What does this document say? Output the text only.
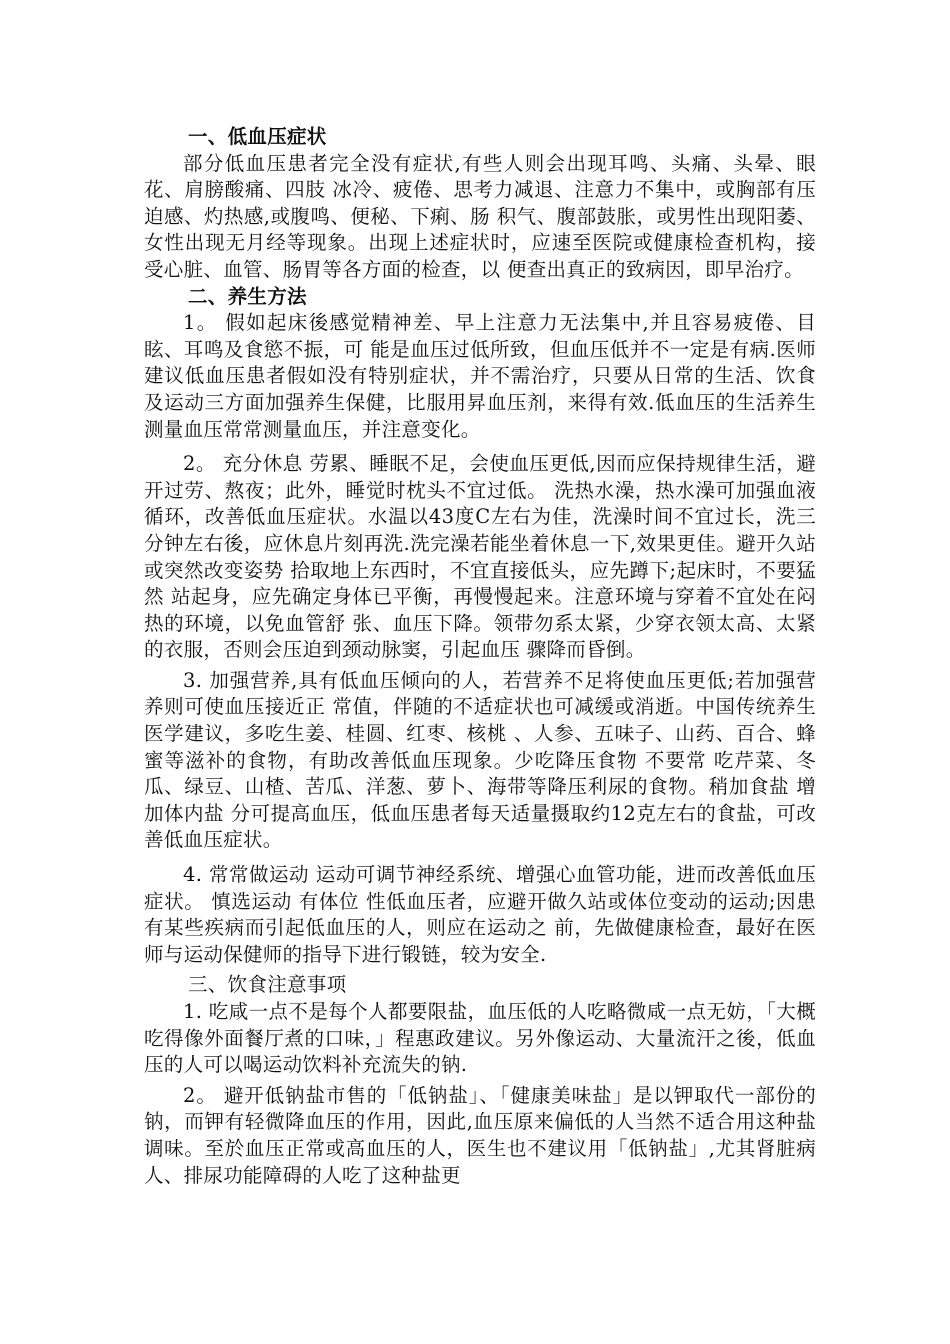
一、低血压症状

部分低血压患者完全没有症状,有些人则会出现耳鸣、头痛、头晕、眼花、肩膀酸痛、四肢 冰冷、疲倦、思考力减退、注意力不集中，或胸部有压迫感、灼热感,或腹鸣、便秘、下痢、肠 积气、腹部鼓胀，或男性出现阳萎、女性出现无月经等现象。出现上述症状时，应速至医院或健康检查机构，接受心脏、血管、肠胃等各方面的检查，以 便查出真正的致病因，即早治疗。

二、养生方法

1。 假如起床後感觉精神差、早上注意力无法集中,并且容易疲倦、目眩、耳鸣及食慾不振，可 能是血压过低所致，但血压低并不一定是有病.医师建议低血压患者假如没有特别症状，并不需治疗，只要从日常的生活、饮食及运动三方面加强养生保健，比服用昇血压剂，来得有效.低血压的生活养生测量血压常常测量血压，并注意变化。

2。 充分休息 劳累、睡眠不足，会使血压更低,因而应保持规律生活，避开过劳、熬夜；此外，睡觉时枕头不宜过低。 洗热水澡，热水澡可加强血液循环，改善低血压症状。水温以43度C左右为佳，洗澡时间不宜过长，洗三分钟左右後，应休息片刻再洗.洗完澡若能坐着休息一下,效果更佳。避开久站或突然改变姿势 拾取地上东西时，不宜直接低头，应先蹲下;起床时，不要猛然 站起身，应先确定身体已平衡，再慢慢起来。注意环境与穿着不宜处在闷热的环境，以免血管舒 张、血压下降。领带勿系太紧，少穿衣领太高、太紧的衣服，否则会压迫到颈动脉窦，引起血压 骤降而昏倒。

3. 加强营养,具有低血压倾向的人，若营养不足将使血压更低;若加强营养则可使血压接近正 常值，伴随的不适症状也可减缓或消逝。中国传统养生医学建议，多吃生姜、桂圆、红枣、核桃 、人参、五味子、山药、百合、蜂蜜等滋补的食物，有助改善低血压现象。少吃降压食物 不要常 吃芹菜、冬瓜、绿豆、山楂、苦瓜、洋葱、萝卜、海带等降压利尿的食物。稍加食盐 增加体内盐 分可提高血压，低血压患者每天适量摄取约12克左右的食盐，可改善低血压症状。

4. 常常做运动 运动可调节神经系统、增强心血管功能，进而改善低血压症状。 慎选运动 有体位 性低血压者，应避开做久站或体位变动的运动;因患有某些疾病而引起低血压的人，则应在运动之 前，先做健康检查，最好在医师与运动保健师的指导下进行锻链，较为安全.

三、饮食注意事项

1. 吃咸一点不是每个人都要限盐，血压低的人吃略微咸一点无妨，「大概吃得像外面餐厅煮的口味，」程惠政建议。另外像运动、大量流汗之後，低血压的人可以喝运动饮料补充流失的钠.

2。 避开低钠盐市售的「低钠盐」、「健康美味盐」是以钾取代一部份的钠，而钾有轻微降血压的作用，因此,血压原来偏低的人当然不适合用这种盐调味。至於血压正常或高血压的人，医生也不建议用「低钠盐」,尤其肾脏病人、排尿功能障碍的人吃了这种盐更
